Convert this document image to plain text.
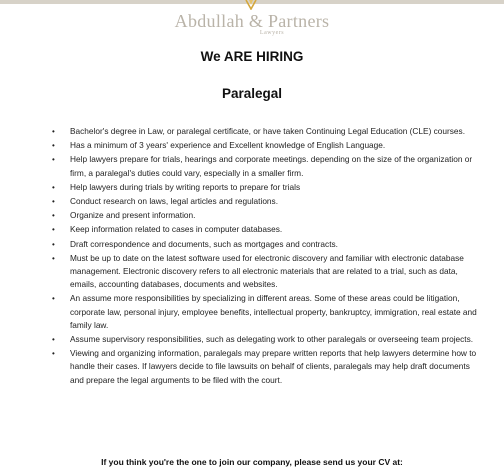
Abdullah & Partners
Lawyers
We ARE HIRING
Paralegal
• Bachelor's degree in Law, or paralegal certificate, or have taken Continuing Legal Education (CLE) courses.
• Has a minimum of 3 years' experience and Excellent knowledge of English Language.
• Help lawyers prepare for trials, hearings and corporate meetings. depending on the size of the organization or firm, a paralegal's duties could vary, especially in a smaller firm.
• Help lawyers during trials by writing reports to prepare for trials
• Conduct research on laws, legal articles and regulations.
• Organize and present information.
• Keep information related to cases in computer databases.
• Draft correspondence and documents, such as mortgages and contracts.
• Must be up to date on the latest software used for electronic discovery and familiar with electronic database management. Electronic discovery refers to all electronic materials that are related to a trial, such as data, emails, accounting databases, documents and websites.
• An assume more responsibilities by specializing in different areas. Some of these areas could be litigation, corporate law, personal injury, employee benefits, intellectual property, bankruptcy, immigration, real estate and family law.
• Assume supervisory responsibilities, such as delegating work to other paralegals or overseeing team projects.
• Viewing and organizing information, paralegals may prepare written reports that help lawyers determine how to handle their cases. If lawyers decide to file lawsuits on behalf of clients, paralegals may help draft documents and prepare the legal arguments to be filed with the court.
If you think you're the one to join our company, please send us your CV at:
